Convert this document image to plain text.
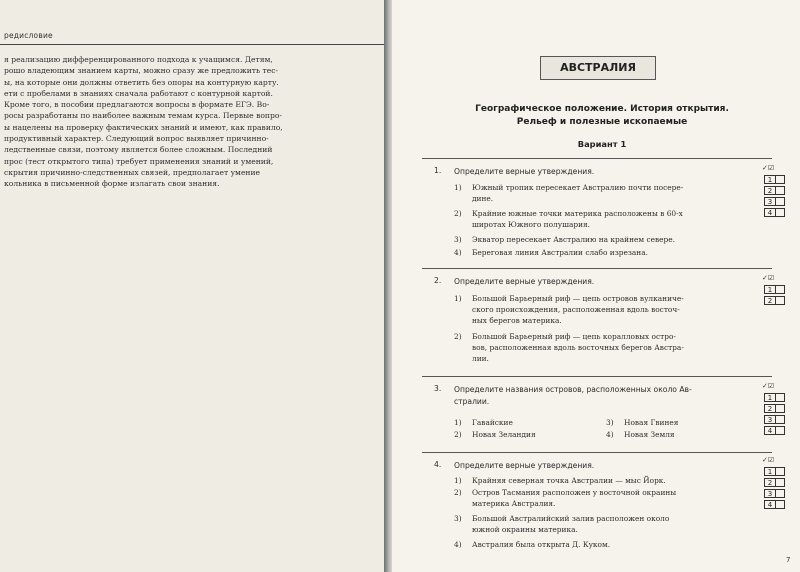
редисловие
я реализацию дифференцированного подхода к учащимся. Детям,
рошо владеющим знанием карты, можно сразу же предложить тес-
ы, на которые они должны ответить без опоры на контурную карту.
ети с пробелами в знаниях сначала работают с контурной картой.
Кроме того, в пособии предлагаются вопросы в формате ЕГЭ. Во-
росы разработаны по наиболее важным темам курса. Первые вопро-
ы нацелены на проверку фактических знаний и имеют, как правило,
продуктивный характер. Следующий вопрос выявляет причинно-
ледственные связи, поэтому является более сложным. Последний
прос (тест открытого типа) требует применения знаний и умений,
скрытия причинно-следственных связей, предполагает умение
кольника в письменной форме излагать свои знания.
АВСТРАЛИЯ
Географическое положение. История открытия.
Рельеф и полезные ископаемые
Вариант 1
1. Определите верные утверждения.
1) Южный тропик пересекает Австралию почти посере-
дине.
2) Крайние южные точки материка расположены в 60-х
широтах Южного полушария.
3) Экватор пересекает Австралию на крайнем севере.
4) Береговая линия Австралии слабо изрезана.
✓☑
1
2
3
4
2. Определите верные утверждения.
1) Большой Барьерный риф — цепь островов вулканиче-
ского происхождения, расположенная вдоль восточ-
ных берегов материка.
2) Большой Барьерный риф — цепь коралловых остро-
вов, расположенная вдоль восточных берегов Австра-
лии.
✓☑
1
2
3. Определите названия островов, расположенных около Ав-
стралии.
1) Гавайские
2) Новая Зеландия
3) Новая Гвинея
4) Новая Земля
✓☑
1
2
3
4
4. Определите верные утверждения.
1) Крайняя северная точка Австралии — мыс Йорк.
2) Остров Тасмания расположен у восточной окраины
материка Австралия.
3) Большой Австралийский залив расположен около
южной окраины материка.
4) Австралия была открыта Д. Куком.
✓☑
1
2
3
4
7
